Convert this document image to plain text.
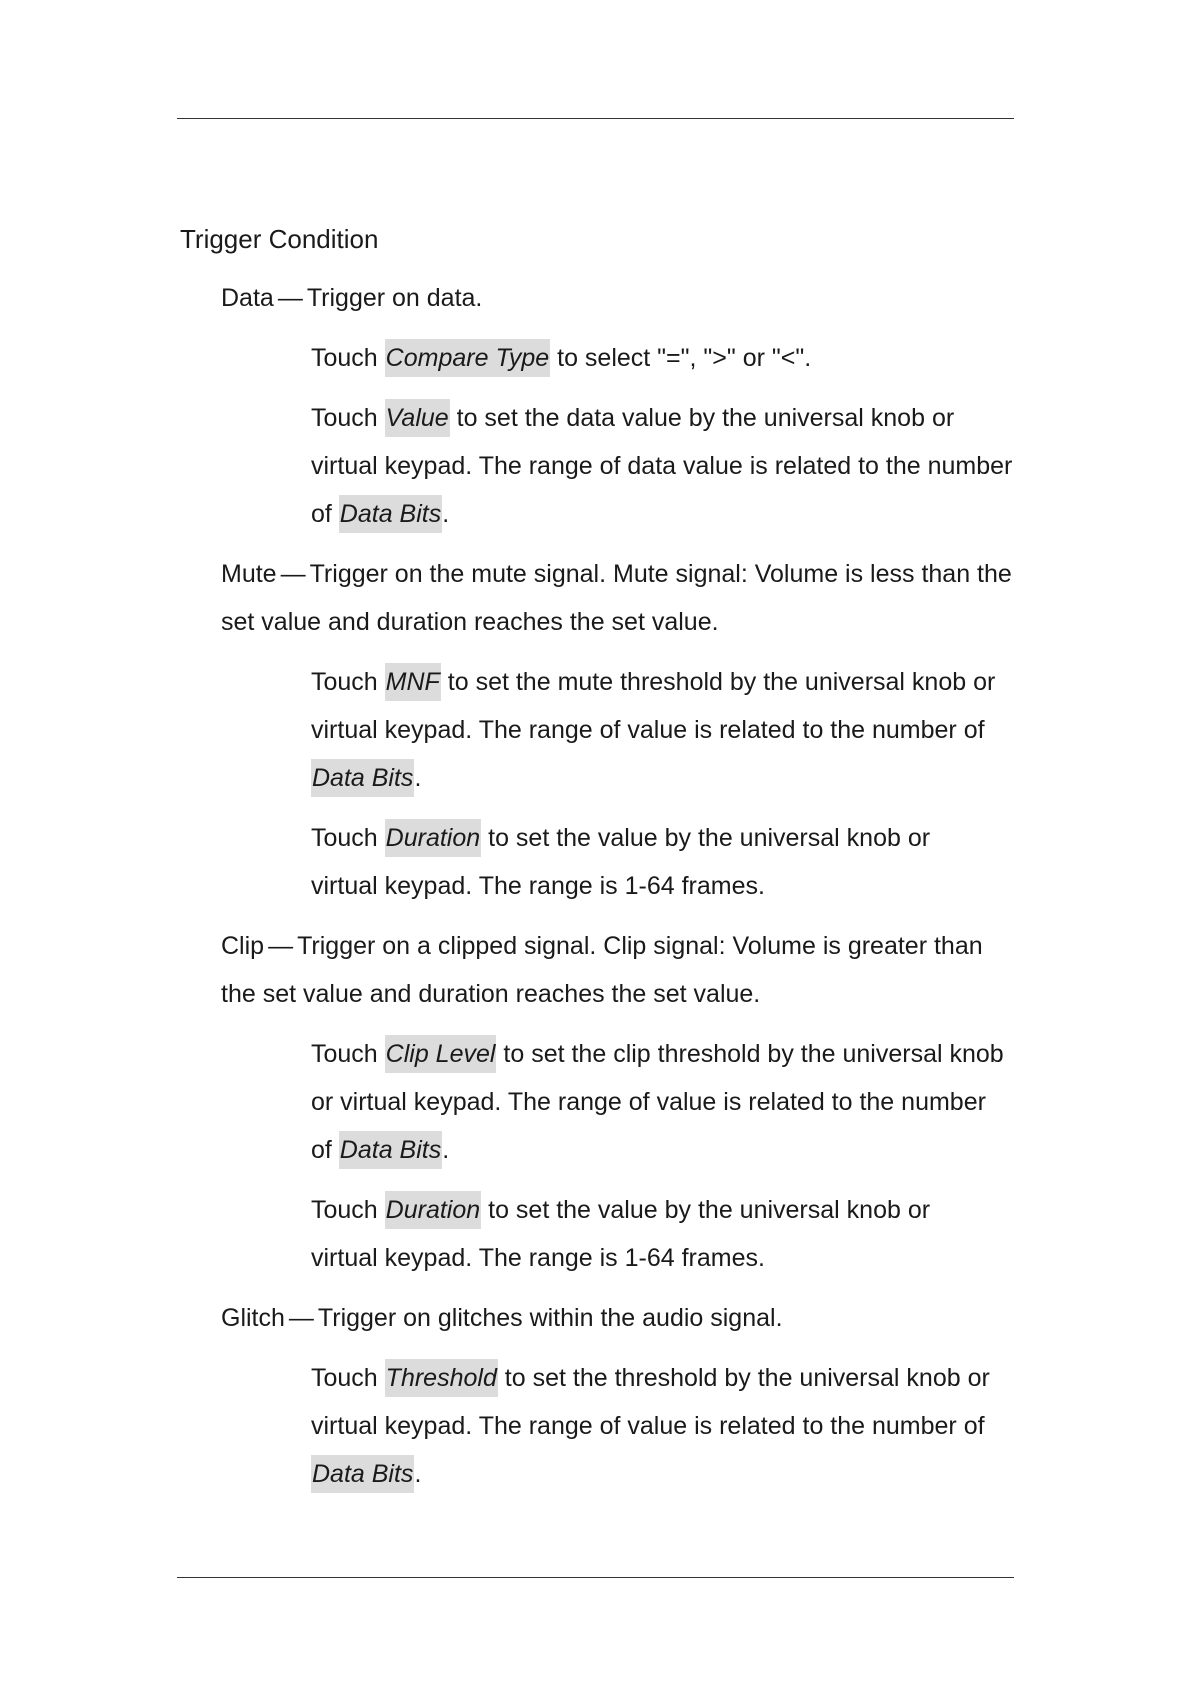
Trigger Condition
Data — Trigger on data.
Touch Compare Type to select "=", ">" or "<".
Touch Value to set the data value by the universal knob or
virtual keypad. The range of data value is related to the number
of Data Bits.
Mute — Trigger on the mute signal. Mute signal: Volume is less than the
set value and duration reaches the set value.
Touch MNF to set the mute threshold by the universal knob or
virtual keypad. The range of value is related to the number of
Data Bits.
Touch Duration to set the value by the universal knob or
virtual keypad. The range is 1-64 frames.
Clip — Trigger on a clipped signal. Clip signal: Volume is greater than
the set value and duration reaches the set value.
Touch Clip Level to set the clip threshold by the universal knob
or virtual keypad. The range of value is related to the number
of Data Bits.
Touch Duration to set the value by the universal knob or
virtual keypad. The range is 1-64 frames.
Glitch — Trigger on glitches within the audio signal.
Touch Threshold to set the threshold by the universal knob or
virtual keypad. The range of value is related to the number of
Data Bits.
